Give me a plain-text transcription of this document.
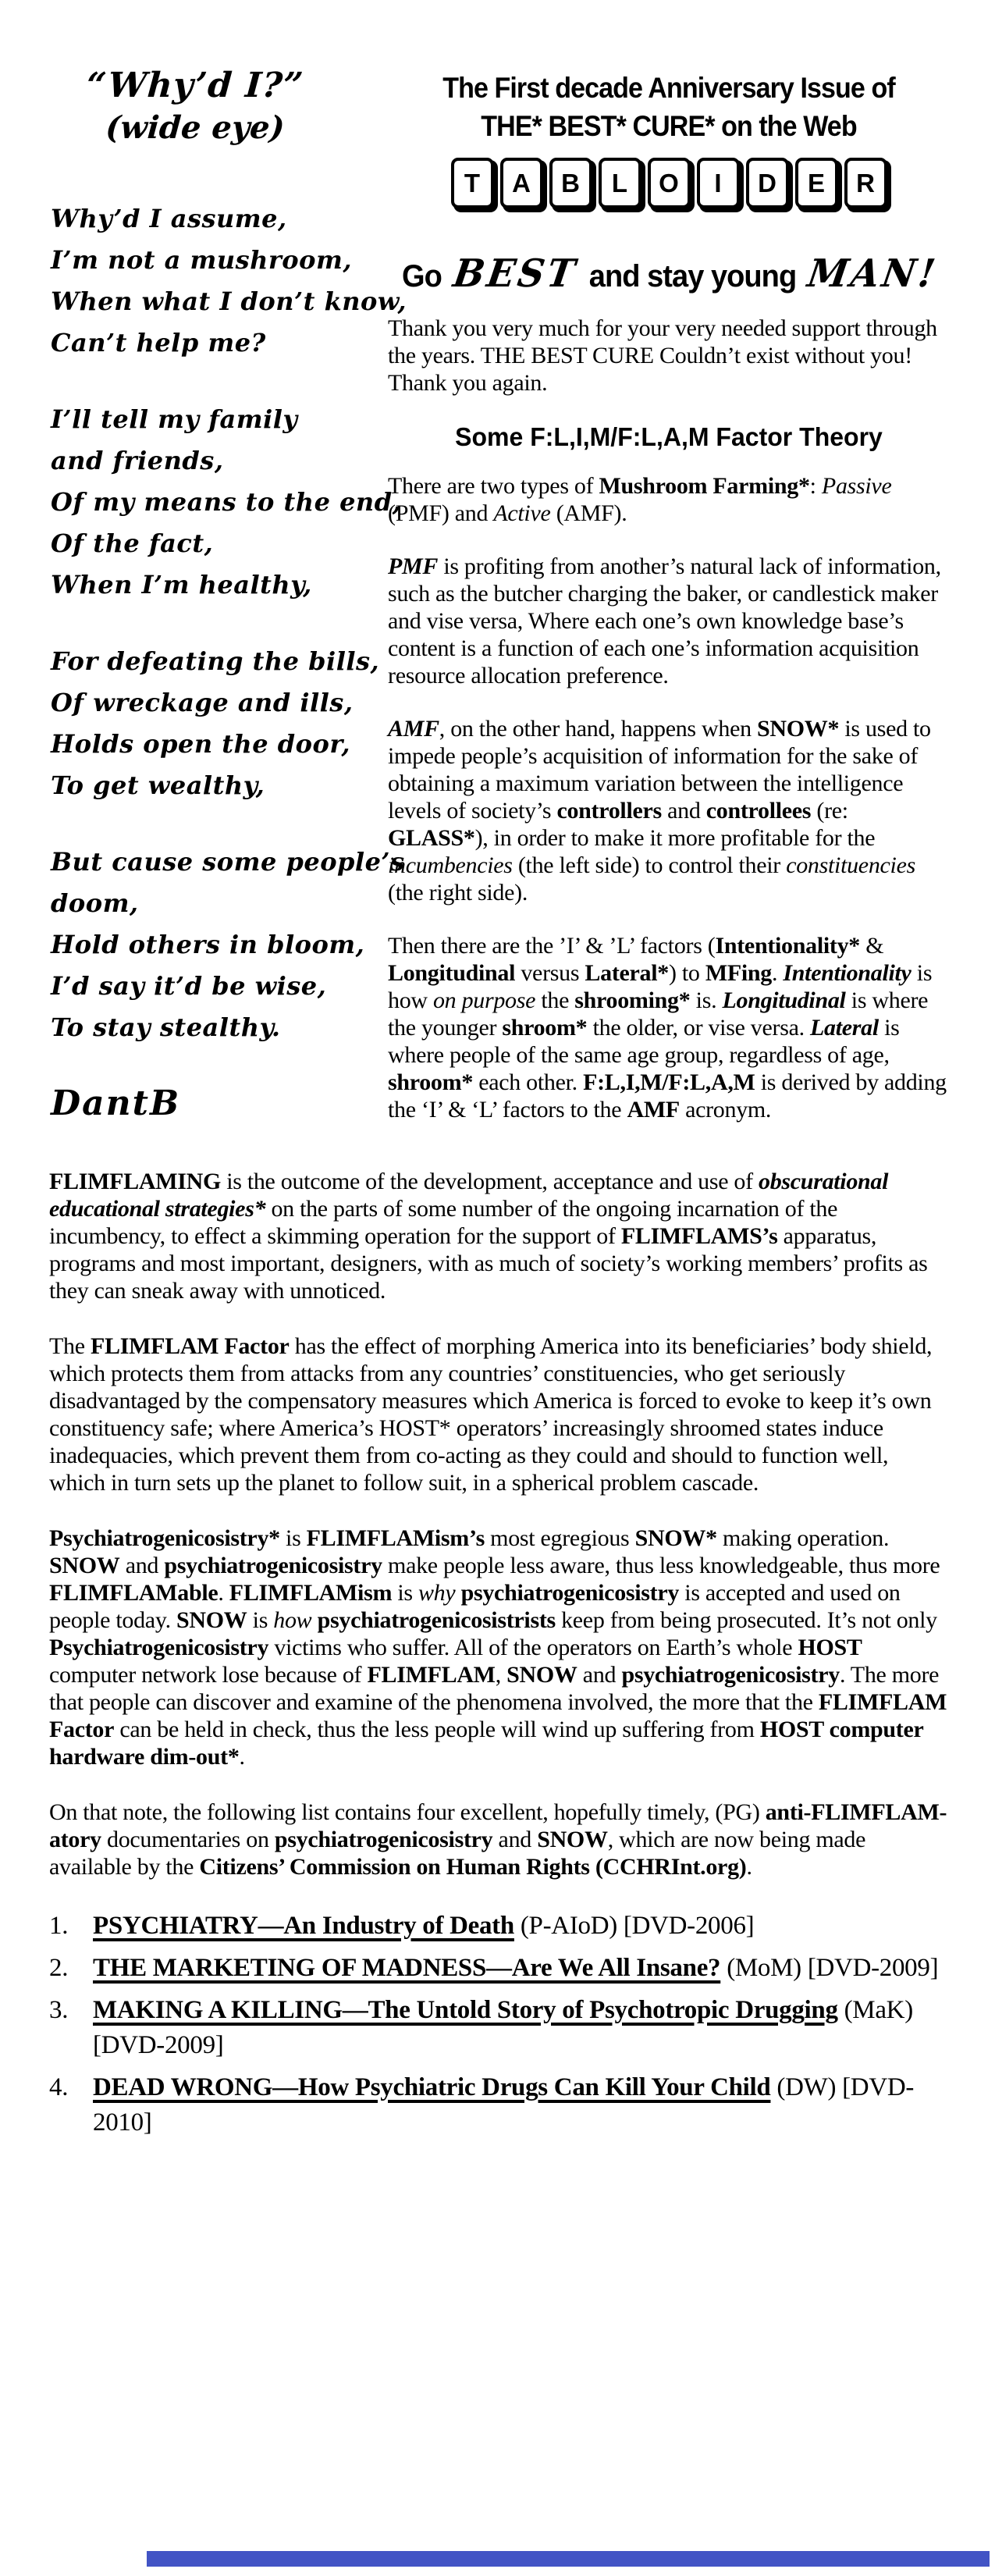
“Why’d I?”
(wide eye)
Why’d I assume,
I’m not a mushroom,
When what I don’t know,
Can’t help me?
I’ll tell my family
and friends,
Of my means to the end,
Of the fact,
When I’m healthy,
For defeating the bills,
Of wreckage and ills,
Holds open the door,
To get wealthy,
But cause some people’s
doom,
Hold others in bloom,
I’d say it’d be wise,
To stay stealthy.
DantB
The First decade Anniversary Issue of
THE* BEST* CURE* on the Web
T	A	B	L	O	I	D	E	R
Go BEST and stay young MAN!

Thank you very much for your very needed support through the years. THE BEST CURE Couldn’t exist without you! Thank you again.

Some F:L,I,M/F:L,A,M Factor Theory

There are two types of Mushroom Farming*: Passive (PMF) and Active (AMF).

PMF is profiting from another’s natural lack of information, such as the butcher charging the baker, or candlestick maker and vise versa, Where each one’s own knowledge base’s content is a function of each one’s information acquisition resource allocation preference.

AMF, on the other hand, happens when SNOW* is used to impede people’s acquisition of information for the sake of obtaining a maximum variation between the intelligence levels of society’s controllers and controllees (re: GLASS*), in order to make it more profitable for the incumbencies (the left side) to control their constituencies (the right side).

Then there are the ’I’ & ’L’ factors (Intentionality* & Longitudinal versus Lateral*) to MFing. Intentionality is how on purpose the shrooming* is. Longitudinal is where the younger shroom* the older, or vise versa. Lateral is where people of the same age group, regardless of age, shroom* each other. F:L,I,M/F:L,A,M is derived by adding the ‘I’ & ‘L’ factors to the AMF acronym.

FLIMFLAMING is the outcome of the development, acceptance and use of obscurational educational strategies* on the parts of some number of the ongoing incarnation of the incumbency, to effect a skimming operation for the support of FLIMFLAMS’s apparatus, programs and most important, designers, with as much of society’s working members’ profits as they can sneak away with unnoticed.

The FLIMFLAM Factor has the effect of morphing America into its beneficiaries’ body shield, which protects them from attacks from any countries’ constituencies, who get seriously disadvantaged by the compensatory measures which America is forced to evoke to keep it’s own constituency safe; where America’s HOST* operators’ increasingly shroomed states induce inadequacies, which prevent them from co-acting as they could and should to function well, which in turn sets up the planet to follow suit, in a spherical problem cascade.

Psychiatrogenicosistry* is FLIMFLAMism’s most egregious SNOW* making operation. SNOW and psychiatrogenicosistry make people less aware, thus less knowledgeable, thus more FLIMFLAMable. FLIMFLAMism is why psychiatrogenicosistry is accepted and used on people today. SNOW is how psychiatrogenicosistrists keep from being prosecuted. It’s not only Psychiatrogenicosistry victims who suffer. All of the operators on Earth’s whole HOST computer network lose because of FLIMFLAM, SNOW and psychiatrogenicosistry. The more that people can discover and examine of the phenomena involved, the more that the FLIMFLAM Factor can be held in check, thus the less people will wind up suffering from HOST computer hardware dim-out*.

On that note, the following list contains four excellent, hopefully timely, (PG) anti-FLIMFLAM-atory documentaries on psychiatrogenicosistry and SNOW, which are now being made available by the Citizens’ Commission on Human Rights (CCHRInt.org).

1. PSYCHIATRY—An Industry of Death (P-AIoD) [DVD-2006]
2. THE MARKETING OF MADNESS—Are We All Insane? (MoM) [DVD-2009]
3. MAKING A KILLING—The Untold Story of Psychotropic Drugging (MaK) [DVD-2009]
4. DEAD WRONG—How Psychiatric Drugs Can Kill Your Child (DW) [DVD-2010]
